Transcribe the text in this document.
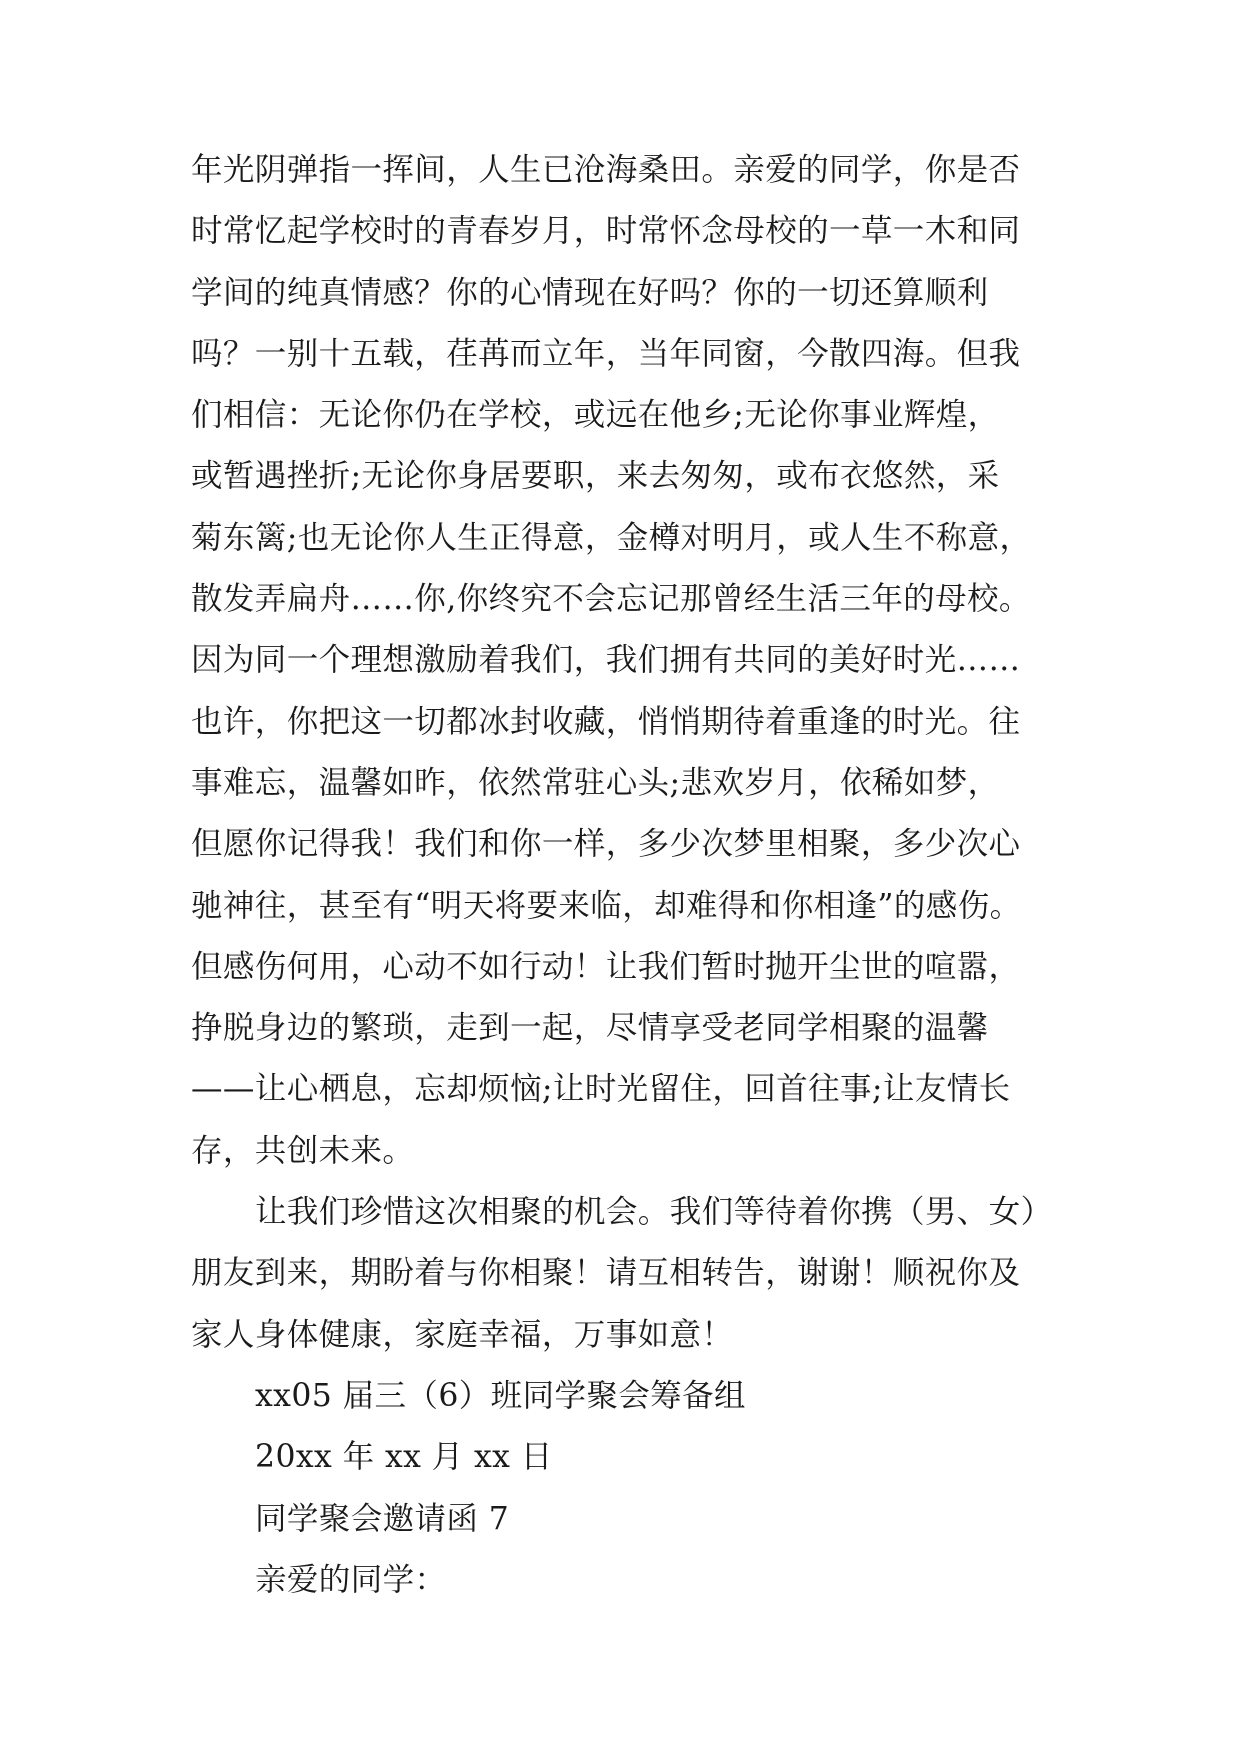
年光阴弹指一挥间，人生已沧海桑田。亲爱的同学，你是否
时常忆起学校时的青春岁月，时常怀念母校的一草一木和同
学间的纯真情感？你的心情现在好吗？你的一切还算顺利
吗？一别十五载，荏苒而立年，当年同窗，今散四海。但我
们相信：无论你仍在学校，或远在他乡;无论你事业辉煌，
或暂遇挫折;无论你身居要职，来去匆匆，或布衣悠然，采
菊东篱;也无论你人生正得意，金樽对明月，或人生不称意，
散发弄扁舟……你,你终究不会忘记那曾经生活三年的母校。
因为同一个理想激励着我们，我们拥有共同的美好时光……
也许，你把这一切都冰封收藏，悄悄期待着重逢的时光。往
事难忘，温馨如昨，依然常驻心头;悲欢岁月，依稀如梦，
但愿你记得我！我们和你一样，多少次梦里相聚，多少次心
驰神往，甚至有“明天将要来临，却难得和你相逢”的感伤。
但感伤何用，心动不如行动！让我们暂时抛开尘世的喧嚣，
挣脱身边的繁琐，走到一起，尽情享受老同学相聚的温馨
——让心栖息，忘却烦恼;让时光留住，回首往事;让友情长
存，共创未来。
让我们珍惜这次相聚的机会。我们等待着你携（男、女）
朋友到来，期盼着与你相聚！请互相转告，谢谢！顺祝你及
家人身体健康，家庭幸福，万事如意！
xx05 届三（6）班同学聚会筹备组
20xx 年 xx 月 xx 日
同学聚会邀请函 7
亲爱的同学：
